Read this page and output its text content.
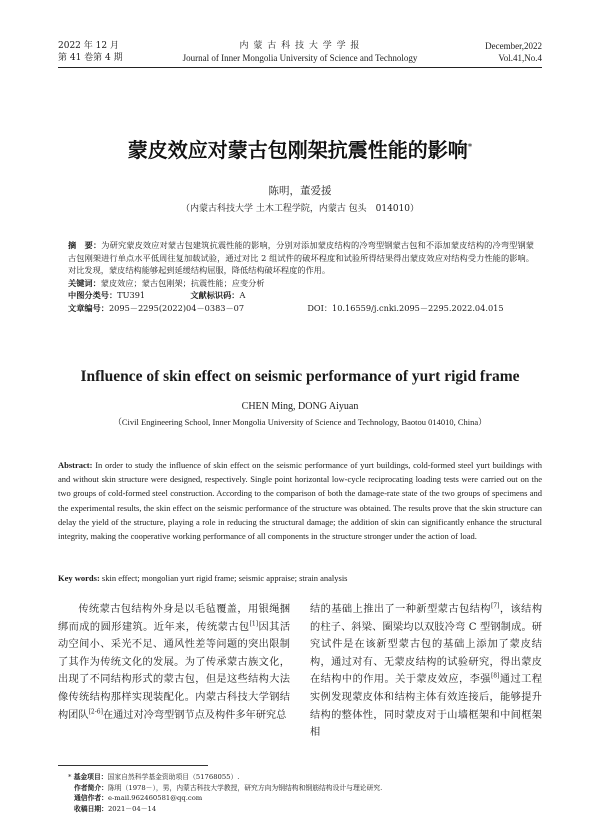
2022 年 12 月
第 41 卷第 4 期
内 蒙 古 科 技 大 学 学 报
Journal of Inner Mongolia University of Science and Technology
December,2022
Vol.41,No.4
蒙皮效应对蒙古包刚架抗震性能的影响*
陈明，董爱援
（内蒙古科技大学 土木工程学院，内蒙古 包头　014010）
摘　要：为研究蒙皮效应对蒙古包建筑抗震性能的影响，分别对添加蒙皮结构的冷弯型钢蒙古包和不添加蒙皮结构的冷弯型钢蒙古包刚架进行单点水平低周往复加载试验，通过对比 2 组试件的破坏程度和试验所得结果得出蒙皮效应对结构受力性能的影响。对比发现，蒙皮结构能够起到延缓结构屈服，降低结构破坏程度的作用。
关键词：蒙皮效应；蒙古包刚架；抗震性能；应变分析
中图分类号：TU391	文献标识码：A
文章编号：2095－2295(2022)04－0383－07	DOI：10.16559/j.cnki.2095－2295.2022.04.015
Influence of skin effect on seismic performance of yurt rigid frame
CHEN Ming, DONG Aiyuan
（Civil Engineering School, Inner Mongolia University of Science and Technology, Baotou 014010, China）
Abstract: In order to study the influence of skin effect on the seismic performance of yurt buildings, cold-formed steel yurt buildings with and without skin structure were designed, respectively. Single point horizontal low-cycle reciprocating loading tests were carried out on the two groups of cold-formed steel construction. According to the comparison of both the damage-rate state of the two groups of specimens and the experimental results, the skin effect on the seismic performance of the structure was obtained. The results prove that the skin structure can delay the yield of the structure, playing a role in reducing the structural damage; the addition of skin can significantly enhance the structural integrity, making the cooperative working performance of all components in the structure stronger under the action of load.
Key words: skin effect; mongolian yurt rigid frame; seismic appraise; strain analysis
传统蒙古包结构外身是以毛毡覆盖，用银绳捆绑而成的圆形建筑。近年来，传统蒙古包[1]因其活动空间小、采光不足、通风性差等问题的突出限制了其作为传统文化的发展。为了传承蒙古族文化，出现了不同结构形式的蒙古包，但是这些结构大法像传统结构那样实现装配化。内蒙古科技大学钢结构团队[2-6]在通过对冷弯型钢节点及构件多年研究总
结的基础上推出了一种新型蒙古包结构[7]，该结构的柱子、斜梁、圈梁均以双肢冷弯 C 型钢制成。研究试件是在该新型蒙古包的基础上添加了蒙皮结构，通过对有、无蒙皮结构的试验研究，得出蒙皮在结构中的作用。关于蒙皮效应，李强[8]通过工程实例发现蒙皮体和结构主体有效连接后，能够提升结构的整体性，同时蒙皮对于山墙框架和中间框架相
* 基金项目：国家自然科学基金资助项目（51768055）.
作者简介：陈明（1978－），男，内蒙古科技大学教授，研究方向为钢结构和钢筋结构设计与理论研究.
通信作者：e-mail.962460581@qq.com
收稿日期：2021－04－14
